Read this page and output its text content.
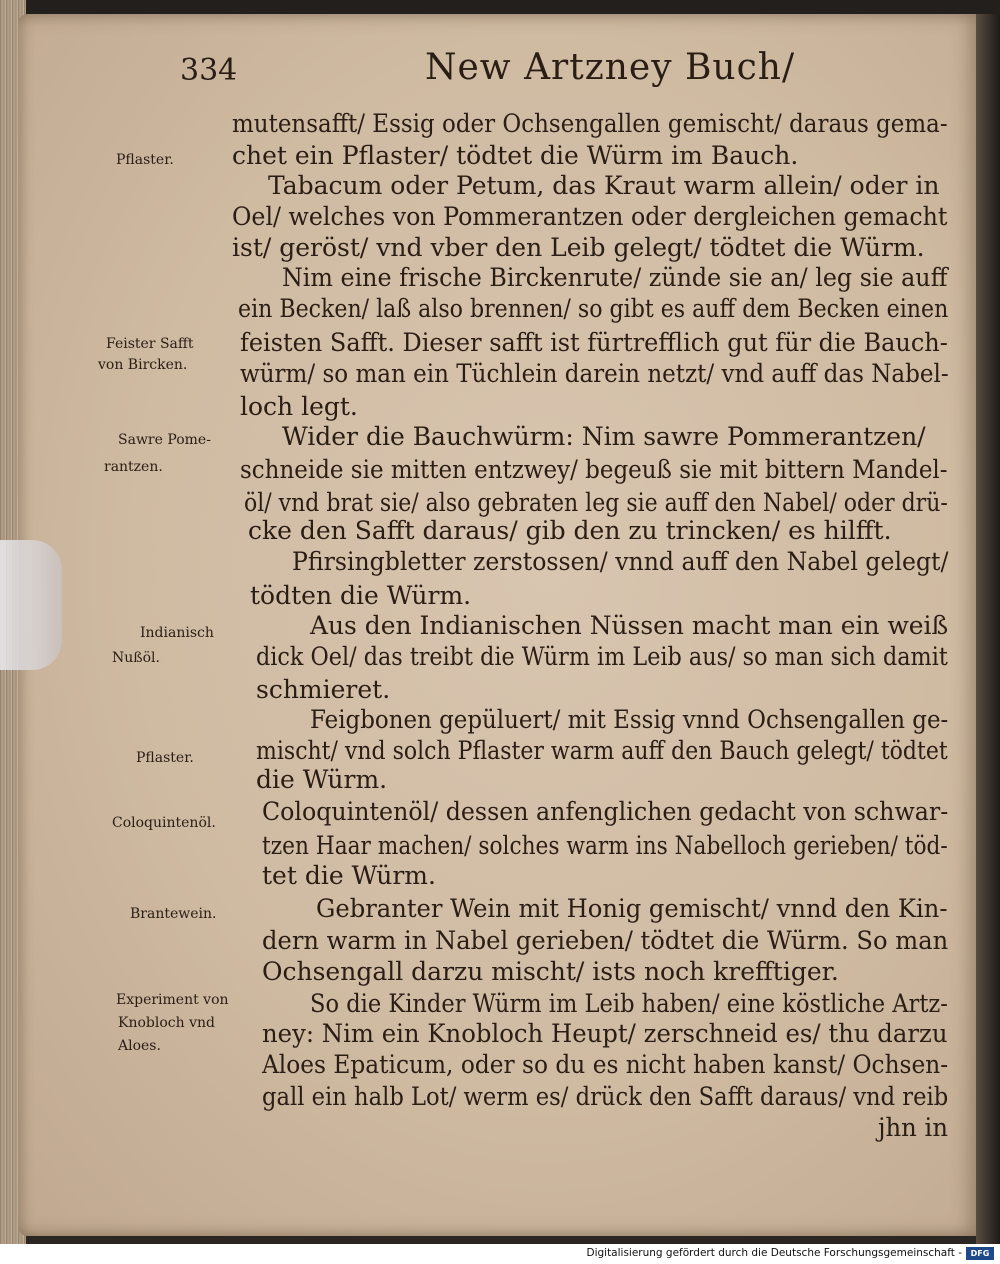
334	New Artzney Buch/
mutensafft/ Essig oder Ochsengallen gemischt/ daraus gema-
chet ein Pflaster/ tödtet die Würm im Bauch.
Tabacum oder Petum, das Kraut warm allein/ oder in
Oel/ welches von Pommerantzen oder dergleichen gemacht
ist/ geröst/ vnd vber den Leib gelegt/ tödtet die Würm.
Nim eine frische Birckenrute/ zünde sie an/ leg sie auff
ein Becken/ laß also brennen/ so gibt es auff dem Becken einen
feisten Safft. Dieser safft ist fürtrefflich gut für die Bauch-
würm/ so man ein Tüchlein darein netzt/ vnd auff das Nabel-
loch legt.
Wider die Bauchwürm: Nim sawre Pommerantzen/
schneide sie mitten entzwey/ begeuß sie mit bittern Mandel-
öl/ vnd brat sie/ also gebraten leg sie auff den Nabel/ oder drü-
cke den Safft daraus/ gib den zu trincken/ es hilfft.
Pfirsingbletter zerstossen/ vnnd auff den Nabel gelegt/
tödten die Würm.
Aus den Indianischen Nüssen macht man ein weiß
dick Oel/ das treibt die Würm im Leib aus/ so man sich damit
schmieret.
Feigbonen gepüluert/ mit Essig vnnd Ochsengallen ge-
mischt/ vnd solch Pflaster warm auff den Bauch gelegt/ tödtet
die Würm.
Coloquintenöl/ dessen anfenglichen gedacht von schwar-
tzen Haar machen/ solches warm ins Nabelloch gerieben/ töd-
tet die Würm.
Gebranter Wein mit Honig gemischt/ vnnd den Kin-
dern warm in Nabel gerieben/ tödtet die Würm. So man
Ochsengall darzu mischt/ ists noch krefftiger.
So die Kinder Würm im Leib haben/ eine köstliche Artz-
ney: Nim ein Knobloch Heupt/ zerschneid es/ thu darzu
Aloes Epaticum, oder so du es nicht haben kanst/ Ochsen-
gall ein halb Lot/ werm es/ drück den Safft daraus/ vnd reib
jhn in
Pflaster.
Feister Safft
von Bircken.
Sawre Pome-
rantzen.
Indianisch
Nußöl.
Pflaster.
Coloquintenöl.
Brantewein.
Experiment von
Knobloch vnd
Aloes.
Digitalisierung gefördert durch die Deutsche Forschungsgemeinschaft -	DFG
